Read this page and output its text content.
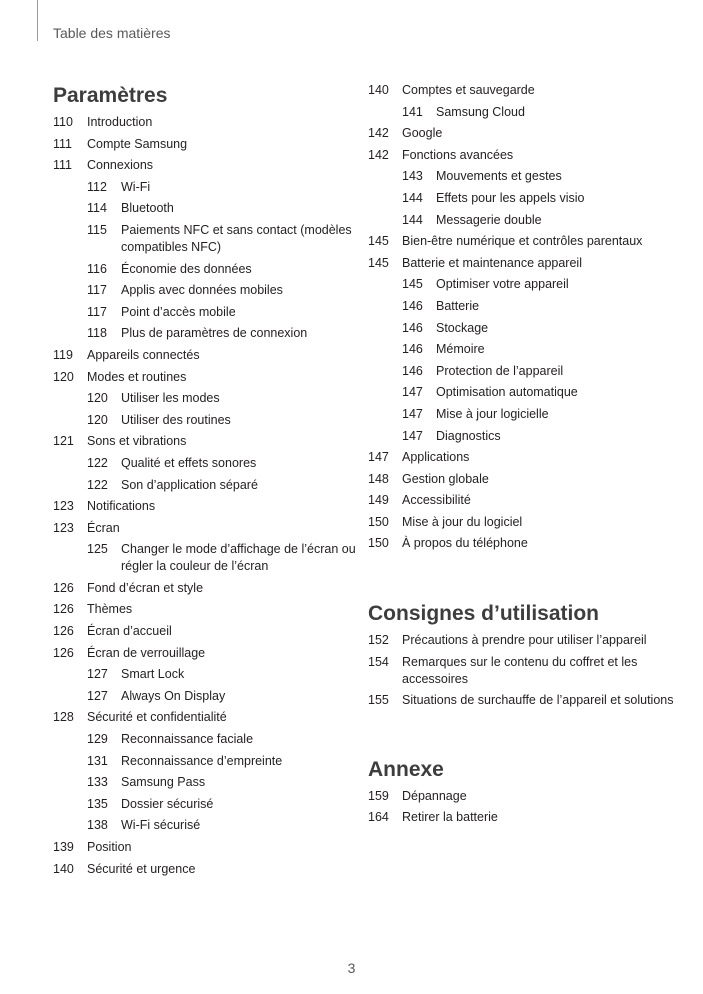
Table des matières
Paramètres
110	Introduction
111	Compte Samsung
111	Connexions
112	Wi-Fi
114	Bluetooth
115	Paiements NFC et sans contact (modèles compatibles NFC)
116	Économie des données
117	Applis avec données mobiles
117	Point d’accès mobile
118	Plus de paramètres de connexion
119	Appareils connectés
120	Modes et routines
120	Utiliser les modes
120	Utiliser des routines
121	Sons et vibrations
122	Qualité et effets sonores
122	Son d’application séparé
123	Notifications
123	Écran
125	Changer le mode d’affichage de l’écran ou régler la couleur de l’écran
126	Fond d’écran et style
126	Thèmes
126	Écran d’accueil
126	Écran de verrouillage
127	Smart Lock
127	Always On Display
128	Sécurité et confidentialité
129	Reconnaissance faciale
131	Reconnaissance d’empreinte
133	Samsung Pass
135	Dossier sécurisé
138	Wi-Fi sécurisé
139	Position
140	Sécurité et urgence
140	Comptes et sauvegarde
141	Samsung Cloud
142	Google
142	Fonctions avancées
143	Mouvements et gestes
144	Effets pour les appels visio
144	Messagerie double
145	Bien-être numérique et contrôles parentaux
145	Batterie et maintenance appareil
145	Optimiser votre appareil
146	Batterie
146	Stockage
146	Mémoire
146	Protection de l’appareil
147	Optimisation automatique
147	Mise à jour logicielle
147	Diagnostics
147	Applications
148	Gestion globale
149	Accessibilité
150	Mise à jour du logiciel
150	À propos du téléphone
Consignes d’utilisation
152	Précautions à prendre pour utiliser l’appareil
154	Remarques sur le contenu du coffret et les accessoires
155	Situations de surchauffe de l’appareil et solutions
Annexe
159	Dépannage
164	Retirer la batterie
3
